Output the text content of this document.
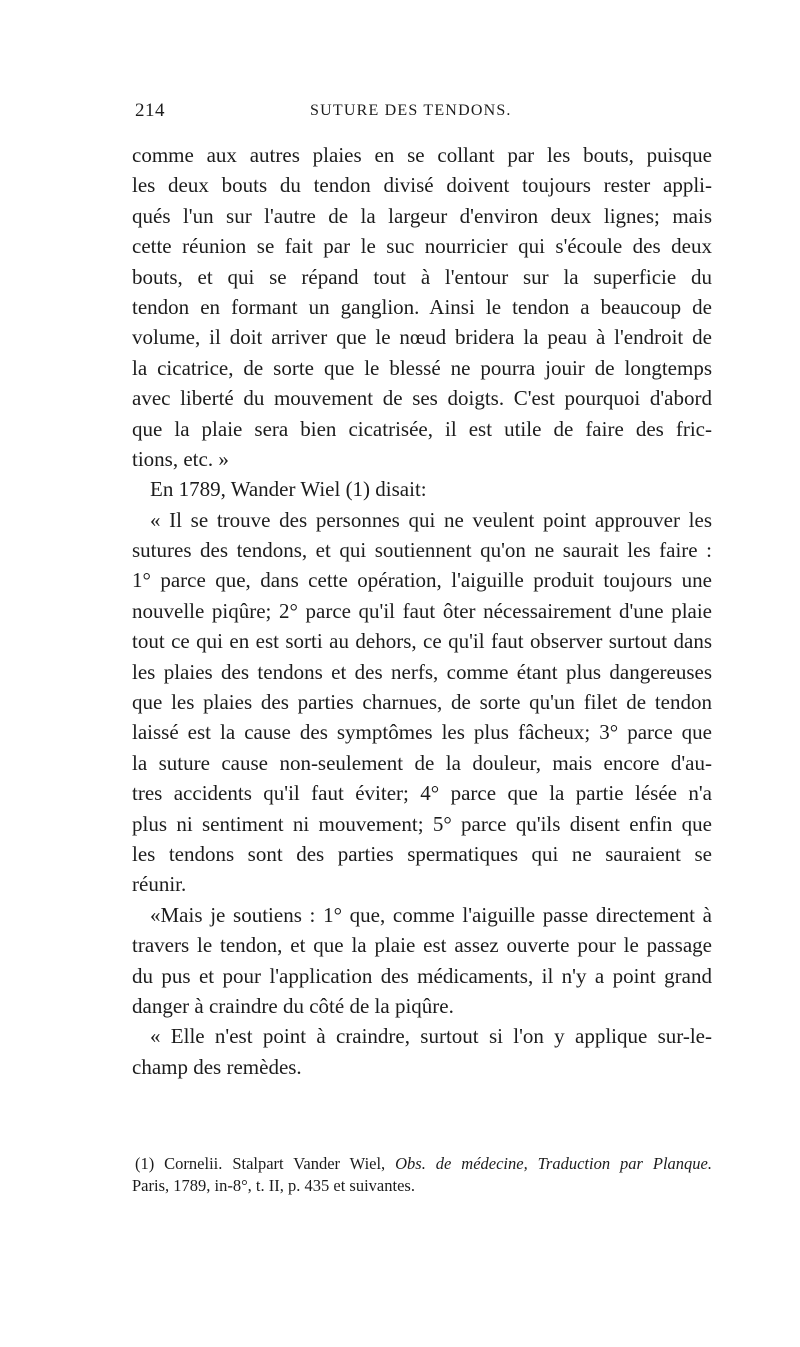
214	SUTURE DES TENDONS.
comme aux autres plaies en se collant par les bouts, puisque
les deux bouts du tendon divisé doivent toujours rester appli-
qués l'un sur l'autre de la largeur d'environ deux lignes; mais
cette réunion se fait par le suc nourricier qui s'écoule des deux
bouts, et qui se répand tout à l'entour sur la superficie du
tendon en formant un ganglion. Ainsi le tendon a beaucoup de
volume, il doit arriver que le nœud bridera la peau à l'endroit de
la cicatrice, de sorte que le blessé ne pourra jouir de longtemps
avec liberté du mouvement de ses doigts. C'est pourquoi d'abord
que la plaie sera bien cicatrisée, il est utile de faire des fric-
tions, etc. »
En 1789, Wander Wiel (1) disait:
« Il se trouve des personnes qui ne veulent point approuver les
sutures des tendons, et qui soutiennent qu'on ne saurait les faire :
1° parce que, dans cette opération, l'aiguille produit toujours une
nouvelle piqûre; 2° parce qu'il faut ôter nécessairement d'une plaie
tout ce qui en est sorti au dehors, ce qu'il faut observer surtout dans
les plaies des tendons et des nerfs, comme étant plus dangereuses
que les plaies des parties charnues, de sorte qu'un filet de tendon
laissé est la cause des symptômes les plus fâcheux; 3° parce que
la suture cause non-seulement de la douleur, mais encore d'au-
tres accidents qu'il faut éviter; 4° parce que la partie lésée n'a
plus ni sentiment ni mouvement; 5° parce qu'ils disent enfin que
les tendons sont des parties spermatiques qui ne sauraient se
réunir.
«Mais je soutiens : 1° que, comme l'aiguille passe directement à
travers le tendon, et que la plaie est assez ouverte pour le passage
du pus et pour l'application des médicaments, il n'y a point grand
danger à craindre du côté de la piqûre.
« Elle n'est point à craindre, surtout si l'on y applique sur-le-
champ des remèdes.
(1) Cornelii. Stalpart Vander Wiel, Obs. de médecine, Traduction par Planque.
Paris, 1789, in-8°, t. II, p. 435 et suivantes.
